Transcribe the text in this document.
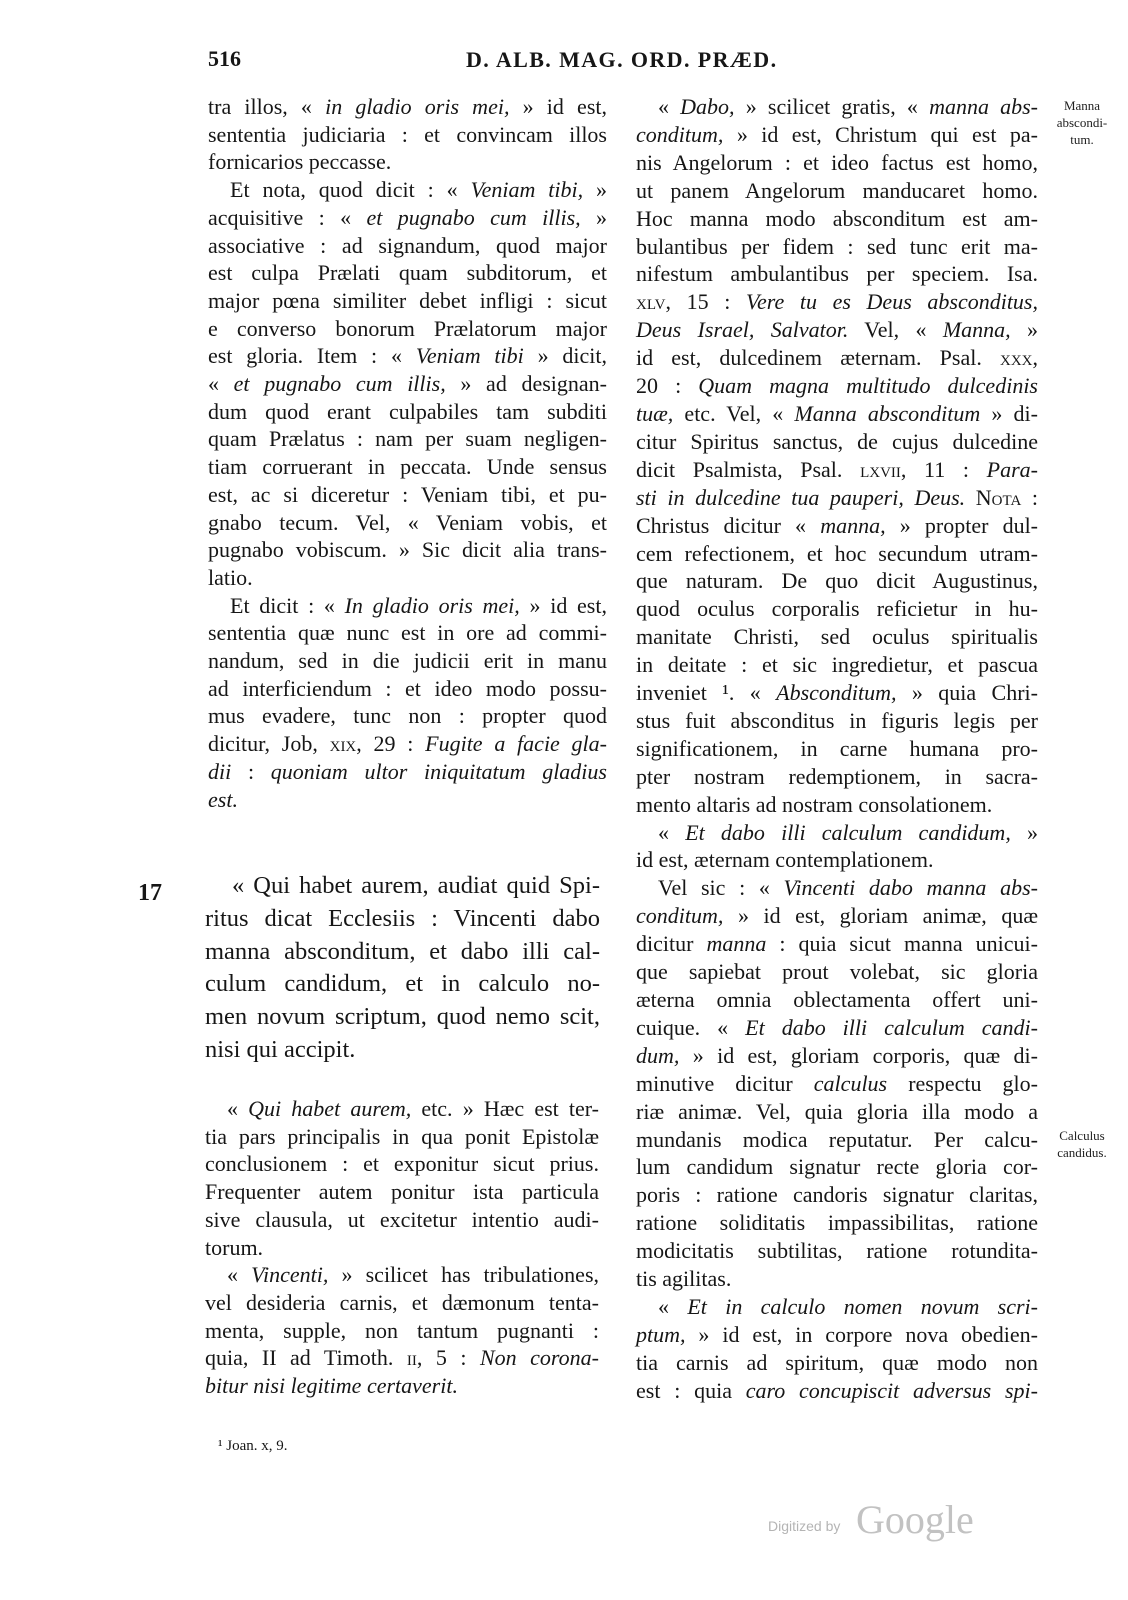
516	D. ALB. MAG. ORD. PRÆD.
tra illos, « in gladio oris mei, » id est,
sententia judiciaria : et convincam illos
fornicarios peccasse.
Et nota, quod dicit : « Veniam tibi, »
acquisitive : « et pugnabo cum illis, »
associative : ad signandum, quod major
est culpa Prælati quam subditorum, et
major pœna similiter debet infligi : sicut
e converso bonorum Prælatorum major
est gloria. Item : « Veniam tibi » dicit,
« et pugnabo cum illis, » ad designan-
dum quod erant culpabiles tam subditi
quam Prælatus : nam per suam negligen-
tiam corruerant in peccata. Unde sensus
est, ac si diceretur : Veniam tibi, et pu-
gnabo tecum. Vel, « Veniam vobis, et
pugnabo vobiscum. » Sic dicit alia trans-
latio.
Et dicit : « In gladio oris mei, » id est,
sententia quæ nunc est in ore ad commi-
nandum, sed in die judicii erit in manu
ad interficiendum : et ideo modo possu-
mus evadere, tunc non : propter quod
dicitur, Job, xix, 29 : Fugite a facie gla-
dii : quoniam ultor iniquitatum gladius
est.
17	« Qui habet aurem, audiat quid Spi-
ritus dicat Ecclesiis : Vincenti dabo
manna absconditum, et dabo illi cal-
culum candidum, et in calculo no-
men novum scriptum, quod nemo scit,
nisi qui accipit.
« Qui habet aurem, etc. » Hæc est ter-
tia pars principalis in qua ponit Epistolæ
conclusionem : et exponitur sicut prius.
Frequenter autem ponitur ista particula
sive clausula, ut excitetur intentio audi-
torum.
« Vincenti, » scilicet has tribulationes,
vel desideria carnis, et dæmonum tenta-
menta, supple, non tantum pugnanti :
quia, II ad Timoth. ii, 5 : Non corona-
bitur nisi legitime certaverit.
¹ Joan. x, 9.
« Dabo, » scilicet gratis, « manna abs-
conditum, » id est, Christum qui est pa-
nis Angelorum : et ideo factus est homo,
ut panem Angelorum manducaret homo.
Hoc manna modo absconditum est am-
bulantibus per fidem : sed tunc erit ma-
nifestum ambulantibus per speciem. Isa.
xlv, 15 : Vere tu es Deus absconditus,
Deus Israel, Salvator. Vel, « Manna, »
id est, dulcedinem æternam. Psal. xxx,
20 : Quam magna multitudo dulcedinis
tuæ, etc. Vel, « Manna absconditum » di-
citur Spiritus sanctus, de cujus dulcedine
dicit Psalmista, Psal. lxvii, 11 : Para-
sti in dulcedine tua pauperi, Deus. Nota :
Christus dicitur « manna, » propter dul-
cem refectionem, et hoc secundum utram-
que naturam. De quo dicit Augustinus,
quod oculus corporalis reficietur in hu-
manitate Christi, sed oculus spiritualis
in deitate : et sic ingredietur, et pascua
inveniet ¹. « Absconditum, » quia Chri-
stus fuit absconditus in figuris legis per
significationem, in carne humana pro-
pter nostram redemptionem, in sacra-
mento altaris ad nostram consolationem.
« Et dabo illi calculum candidum, »
id est, æternam contemplationem.
Vel sic : « Vincenti dabo manna abs-
conditum, » id est, gloriam animæ, quæ
dicitur manna : quia sicut manna unicui-
que sapiebat prout volebat, sic gloria
æterna omnia oblectamenta offert uni-
cuique. « Et dabo illi calculum candi-
dum, » id est, gloriam corporis, quæ di-
minutive dicitur calculus respectu glo-
riæ animæ. Vel, quia gloria illa modo a
mundanis modica reputatur. Per calcu-
lum candidum signatur recte gloria cor-
poris : ratione candoris signatur claritas,
ratione soliditatis impassibilitas, ratione
modicitatis subtilitas, ratione rotundita-
tis agilitas.
« Et in calculo nomen novum scri-
ptum, » id est, in corpore nova obedien-
tia carnis ad spiritum, quæ modo non
est : quia caro concupiscit adversus spi-
Manna
abscondi-
tum.
Calculus
candidus.
Digitized by Google
